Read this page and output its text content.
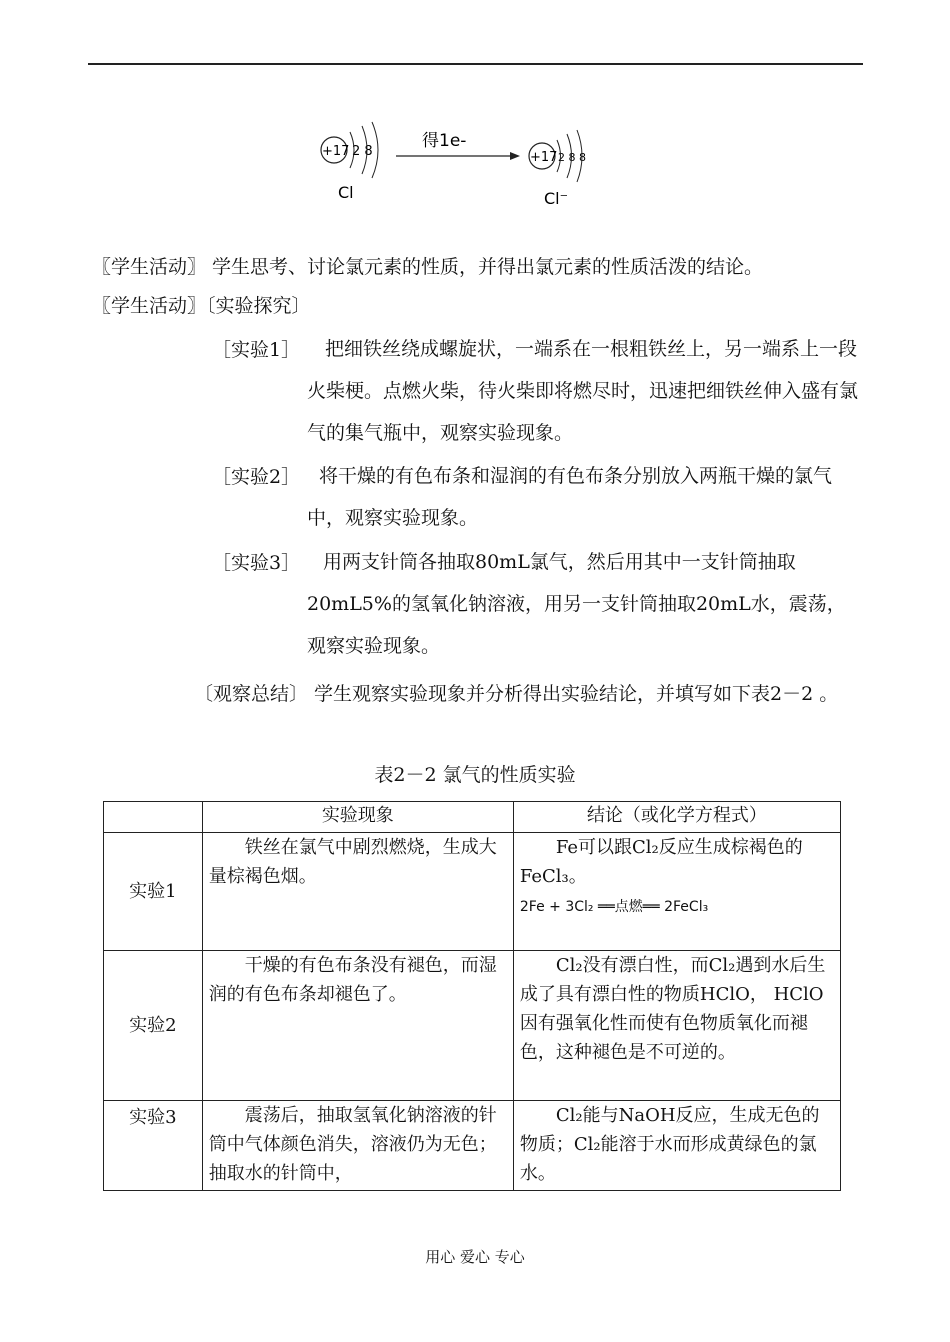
+17 2 8
Cl
得1e-
+17 2 8 8
Cl⁻
〖学生活动〗 学生思考、讨论氯元素的性质，并得出氯元素的性质活泼的结论。
〖学生活动〗〔实验探究〕
［实验1］	把细铁丝绕成螺旋状，一端系在一根粗铁丝上，另一端系上一段火柴梗。点燃火柴，待火柴即将燃尽时，迅速把细铁丝伸入盛有氯气的集气瓶中，观察实验现象。
［实验2］ 将干燥的有色布条和湿润的有色布条分别放入两瓶干燥的氯气中，观察实验现象。
［实验3］	用两支针筒各抽取80mL氯气，然后用其中一支针筒抽取20mL5%的氢氧化钠溶液，用另一支针筒抽取20mL水，震荡，观察实验现象。
〔观察总结〕 学生观察实验现象并分析得出实验结论，并填写如下表2－2 。
表2－2 氯气的性质实验
	实验现象	结论（或化学方程式）
实验1	铁丝在氯气中剧烈燃烧，生成大量棕褐色烟。	Fe可以跟Cl₂反应生成棕褐色的FeCl₃。
2Fe + 3Cl₂ ══点燃══ 2FeCl₃

实验2	干燥的有色布条没有褪色，而湿润的有色布条却褪色了。	Cl₂没有漂白性，而Cl₂遇到水后生成了具有漂白性的物质HClO， HClO因有强氧化性而使有色物质氧化而褪色，这种褪色是不可逆的。

实验3	震荡后，抽取氢氧化钠溶液的针筒中气体颜色消失，溶液仍为无色；抽取水的针筒中，	Cl₂能与NaOH反应，生成无色的物质；Cl₂能溶于水而形成黄绿色的氯水。
用心 爱心 专心
